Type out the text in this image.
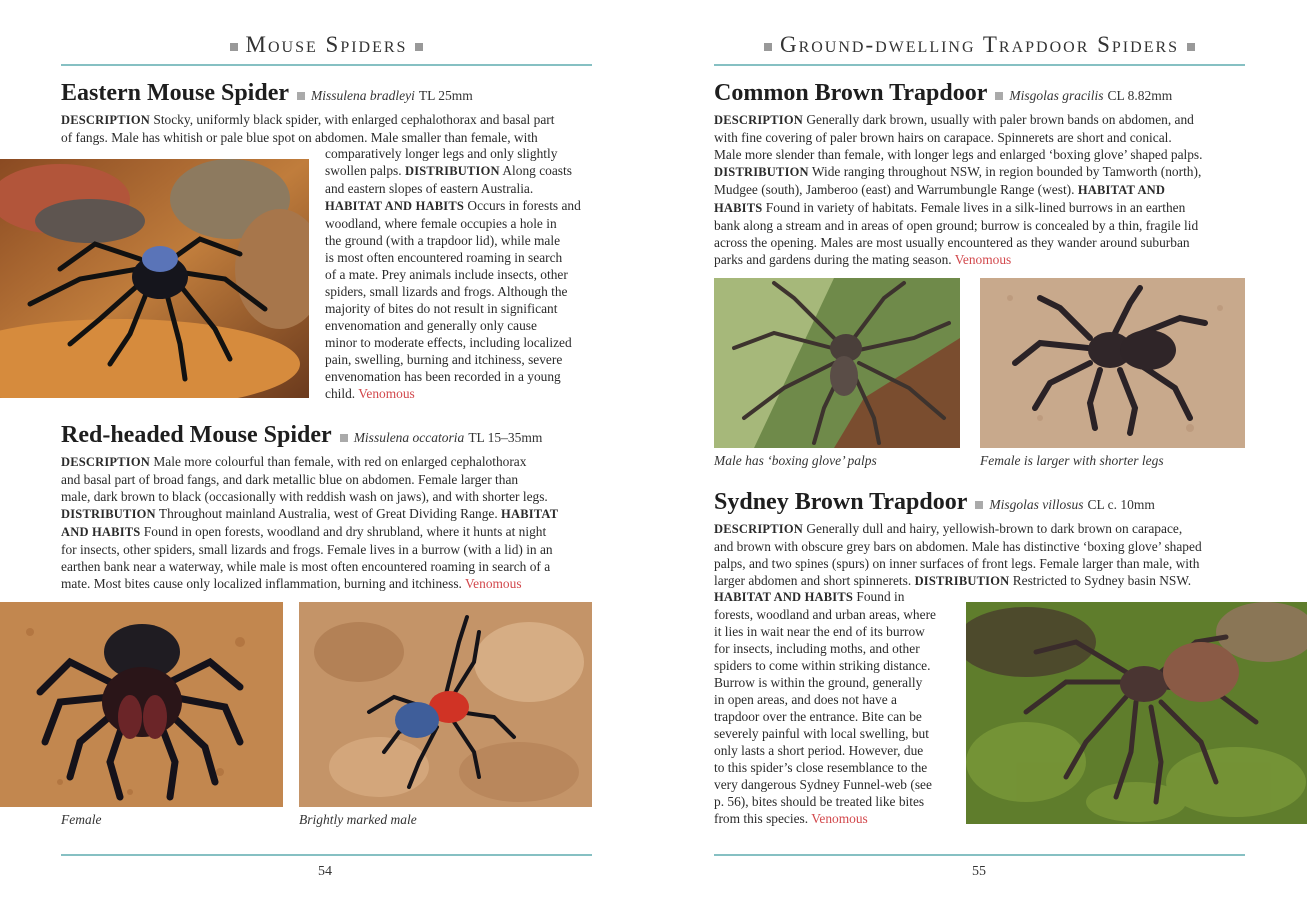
Mouse Spiders
Eastern Mouse Spider Missulena bradleyi TL 25mm
DESCRIPTION Stocky, uniformly black spider, with enlarged cephalothorax and basal part
of fangs. Male has whitish or pale blue spot on abdomen. Male smaller than female, with
comparatively longer legs and only slightly
swollen palps. DISTRIBUTION Along coasts
and eastern slopes of eastern Australia.
HABITAT AND HABITS Occurs in forests and
woodland, where female occupies a hole in
the ground (with a trapdoor lid), while male
is most often encountered roaming in search
of a mate. Prey animals include insects, other
spiders, small lizards and frogs. Although the
majority of bites do not result in significant
envenomation and generally only cause
minor to moderate effects, including localized
pain, swelling, burning and itchiness, severe
envenomation has been recorded in a young
child. Venomous
Red-headed Mouse Spider Missulena occatoria TL 15–35mm
DESCRIPTION Male more colourful than female, with red on enlarged cephalothorax
and basal part of broad fangs, and dark metallic blue on abdomen. Female larger than
male, dark brown to black (occasionally with reddish wash on jaws), and with shorter legs.
DISTRIBUTION Throughout mainland Australia, west of Great Dividing Range. HABITAT
AND HABITS Found in open forests, woodland and dry shrubland, where it hunts at night
for insects, other spiders, small lizards and frogs. Female lives in a burrow (with a lid) in an
earthen bank near a waterway, while male is most often encountered roaming in search of a
mate. Most bites cause only localized inflammation, burning and itchiness. Venomous
Female	Brightly marked male
54
Ground-dwelling Trapdoor Spiders
Common Brown Trapdoor Misgolas gracilis CL 8.82mm
DESCRIPTION Generally dark brown, usually with paler brown bands on abdomen, and
with fine covering of paler brown hairs on carapace. Spinnerets are short and conical.
Male more slender than female, with longer legs and enlarged ‘boxing glove’ shaped palps.
DISTRIBUTION Wide ranging throughout NSW, in region bounded by Tamworth (north),
Mudgee (south), Jamberoo (east) and Warrumbungle Range (west). HABITAT AND
HABITS Found in variety of habitats. Female lives in a silk-lined burrows in an earthen
bank along a stream and in areas of open ground; burrow is concealed by a thin, fragile lid
across the opening. Males are most usually encountered as they wander around suburban
parks and gardens during the mating season. Venomous
Male has ‘boxing glove’ palps	Female is larger with shorter legs
Sydney Brown Trapdoor Misgolas villosus CL c. 10mm
DESCRIPTION Generally dull and hairy, yellowish-brown to dark brown on carapace,
and brown with obscure grey bars on abdomen. Male has distinctive ‘boxing glove’ shaped
palps, and two spines (spurs) on inner surfaces of front legs. Female larger than male, with
larger abdomen and short spinnerets. DISTRIBUTION Restricted to Sydney basin NSW.
HABITAT AND HABITS Found in
forests, woodland and urban areas, where
it lies in wait near the end of its burrow
for insects, including moths, and other
spiders to come within striking distance.
Burrow is within the ground, generally
in open areas, and does not have a
trapdoor over the entrance. Bite can be
severely painful with local swelling, but
only lasts a short period. However, due
to this spider’s close resemblance to the
very dangerous Sydney Funnel-web (see
p. 56), bites should be treated like bites
from this species. Venomous
55
